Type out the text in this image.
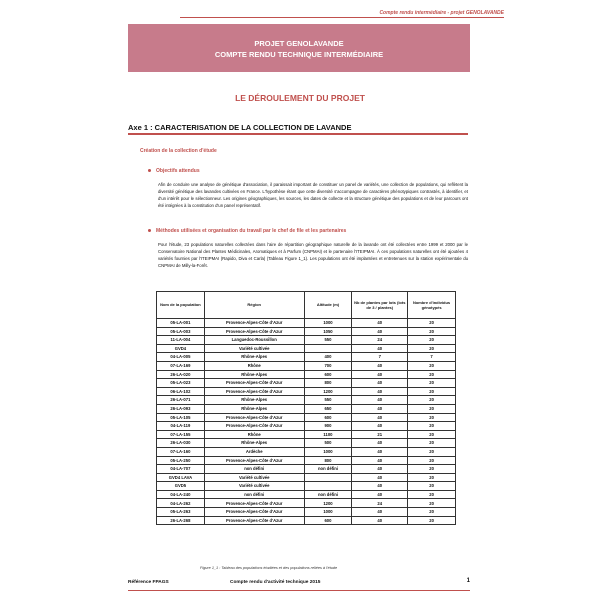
Compte rendu intermédiaire - projet GENOLAVANDE
PROJET GENOLAVANDE
COMPTE RENDU TECHNIQUE INTERMÉDIAIRE
LE DÉROULEMENT DU PROJET
Axe 1 : CARACTERISATION DE LA COLLECTION DE LAVANDE
Création de la collection d'étude
Objectifs attendus
Afin de conduire une analyse de génétique d'association, il paraissait important de constituer un panel de variétés, une collection de populations, qui reflètent la diversité génétique des lavandes cultivées en France. L'hypothèse étant que cette diversité s'accompagne de caractères phénotypiques contrastés, à identifier, et d'un intérêt pour le sélectionneur. Les origines géographiques, les sources, les dates de collecte et la structure génétique des populations et de leur parcours ont été intégrées à la constitution d'un panel représentatif.
Méthodes utilisées et organisation du travail par le chef de file et les partenaires
Pour l'étude, 23 populations naturelles collectées dans l'aire de répartition géographique naturelle de la lavande ont été collectées entre 1999 et 2000 par le Conservatoire National des Plantes Médicinales, Aromatiques et à Parfum (CNPMAI) et le partenaire l'ITEIPMAI. À ces populations naturelles ont été ajoutées 4 variétés fournies par l'ITEIPMAI (Rapido, Diva et Carla) (Tableau Figure 1_1). Les populations ont été implantées et entretenues sur la station expérimentale du CNPMAI de Milly-la-Forêt.
Nom de la population	Région	Altitude (m)	Nb de plantes par lots (lots de 3 / plantes)	Nombre d'individus génotypés
05-LA-001	Provence-Alpes-Côte d'Azur	1000	40	20
05-LA-003	Provence-Alpes-Côte d'Azur	1050	40	20
11-LA-004	Languedoc-Roussillon	550	24	20
GVD4	Variété cultivée		40	20
04-LA-005	Rhône-Alpes	400	7	7
07-LA-169	Rhône	700	40	20
26-LA-020	Rhône-Alpes	600	40	20
05-LA-023	Provence-Alpes-Côte d'Azur	800	40	20
06-LA-102	Provence-Alpes-Côte d'Azur	1200	40	20
26-LA-071	Rhône-Alpes	550	40	20
26-LA-093	Rhône-Alpes	650	40	20
05-LA-105	Provence-Alpes-Côte d'Azur	600	40	20
04-LA-119	Provence-Alpes-Côte d'Azur	900	40	20
07-LA-155	Rhône	1100	21	20
26-LA-030	Rhône-Alpes	500	40	20
07-LA-160	Ardèche	1000	40	20
05-LA-250	Provence-Alpes-Côte d'Azur	800	40	20
04-LA-707	non défini	non défini	40	20
GVD4 LAVA	Variété cultivée		40	20
GVD5	Variété cultivée		40	20
04-LA-240	non défini	non défini	40	20
04-LA-262	Provence-Alpes-Côte d'Azur	1200	24	20
05-LA-263	Provence-Alpes-Côte d'Azur	1000	40	20
26-LA-268	Provence-Alpes-Côte d'Azur	600	40	20
Figure 1_1 : Tableau des populations étudiées et des populations reliées à l'étude
Référence FPAGS	Compte rendu d'activité technique 2015	1
